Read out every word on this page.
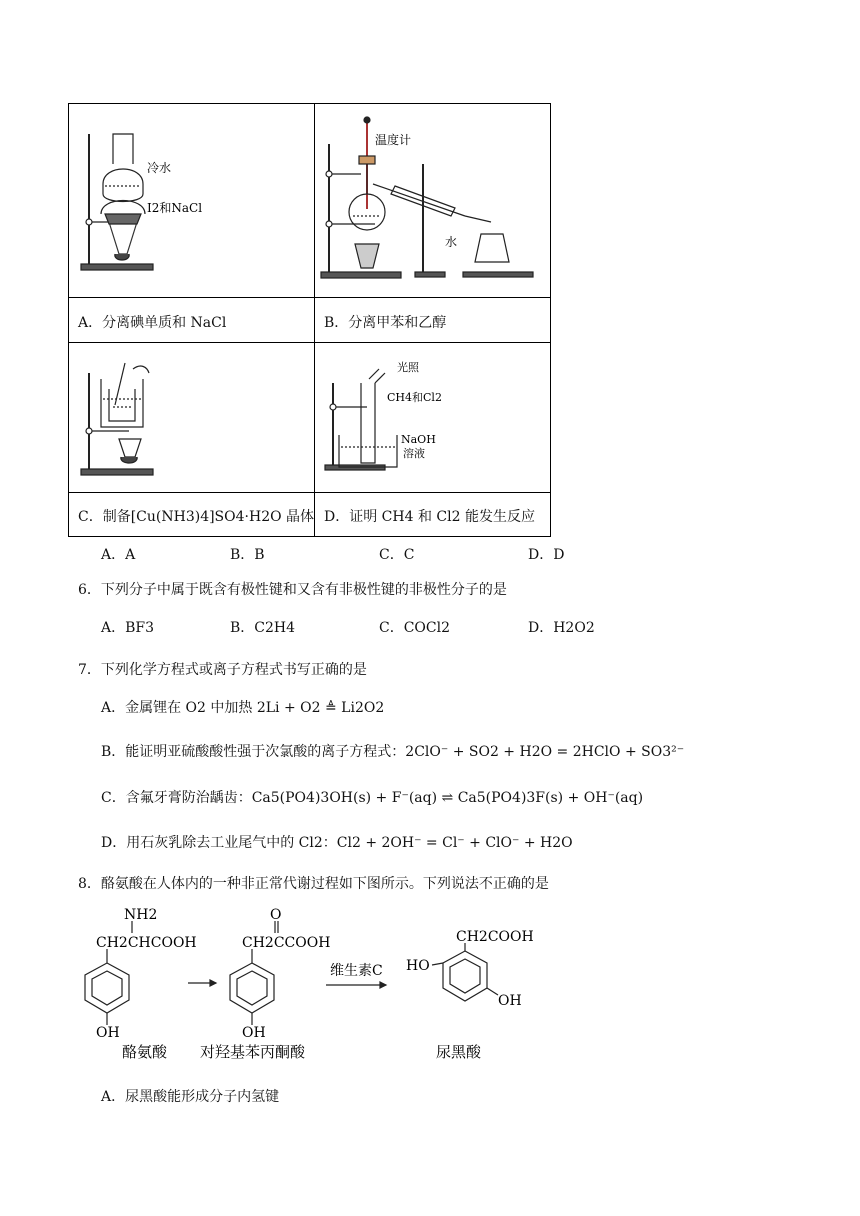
冷水
I2和NaCl
温度计
水
A．分离碘单质和 NaCl	B．分离甲苯和乙醇
光照
CH4和Cl2
NaOH
溶液
C．制备[Cu(NH3)4]SO4·H2O 晶体 D．证明 CH4 和 Cl2 能发生反应
A．A	B．B	C．C	D．D
6．下列分子中属于既含有极性键和又含有非极性键的非极性分子的是
A．BF3	B．C2H4	C．COCl2	D．H2O2
7．下列化学方程式或离子方程式书写正确的是
A．金属锂在 O2 中加热 2Li + O2 ≜ Li2O2
B．能证明亚硫酸酸性强于次氯酸的离子方程式：2ClO⁻ + SO2 + H2O = 2HClO + SO3²⁻
C．含氟牙膏防治龋齿：Ca5(PO4)3OH(s) + F⁻(aq) ⇌ Ca5(PO4)3F(s) + OH⁻(aq)
D．用石灰乳除去工业尾气中的 Cl2：Cl2 + 2OH⁻ = Cl⁻ + ClO⁻ + H2O
8．酪氨酸在人体内的一种非正常代谢过程如下图所示。下列说法不正确的是
NH2
CH2CHCOOH
OH
O
CH2CCOOH
OH
维生素C
CH2COOH
HO
OH
酪氨酸 对羟基苯丙酮酸	尿黑酸
A．尿黑酸能形成分子内氢键
